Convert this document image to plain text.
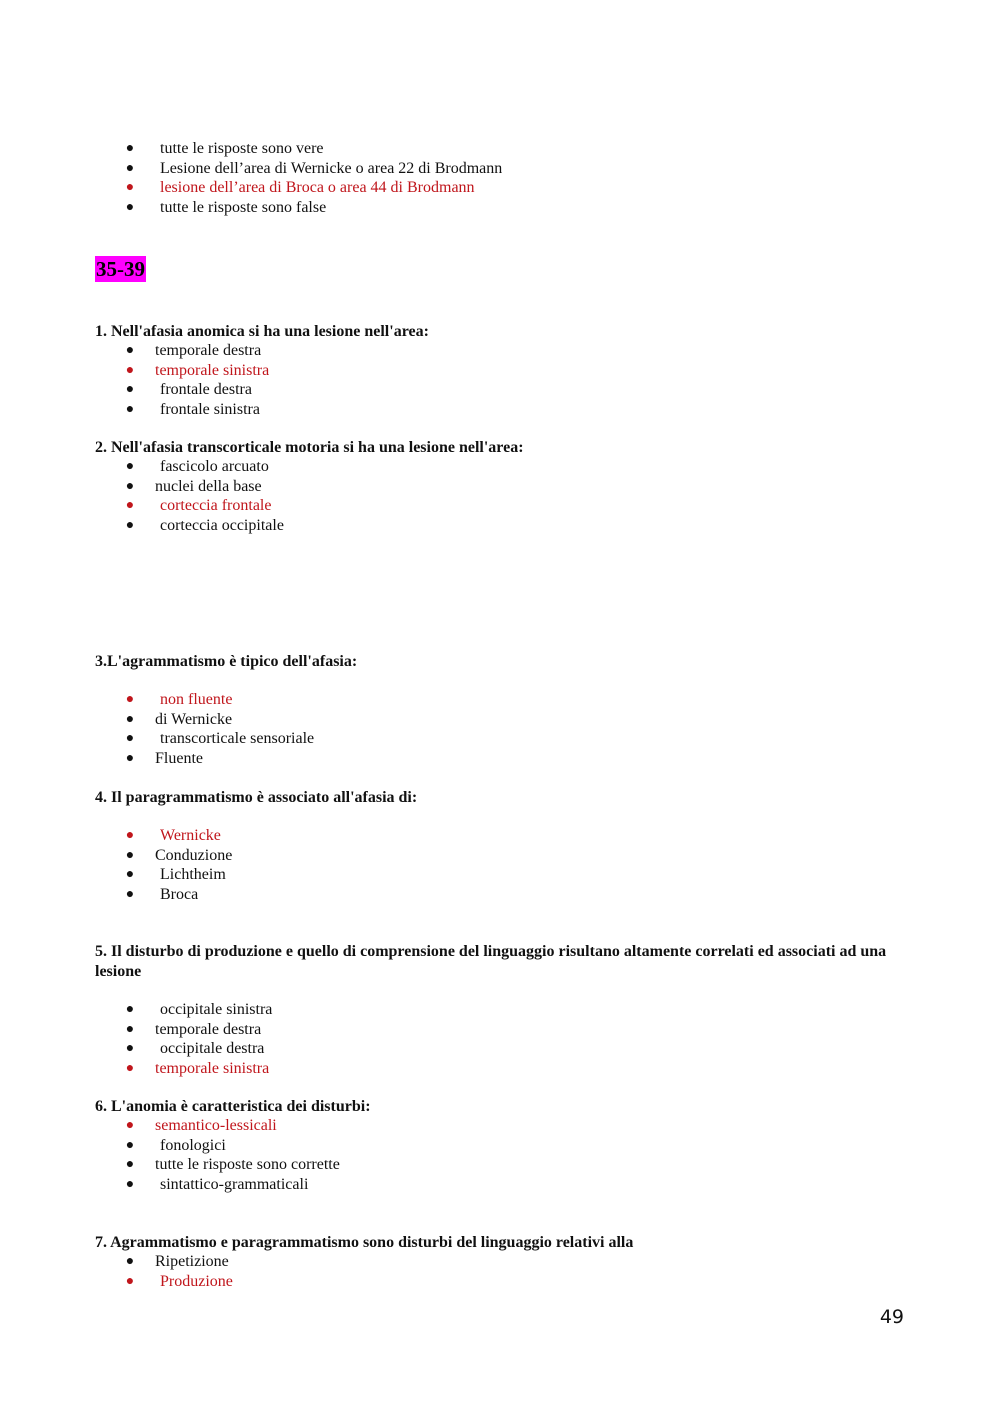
● tutte le risposte sono vere
● Lesione dell’area di Wernicke o area 22 di Brodmann
● lesione dell’area di Broca o area 44 di Brodmann
● tutte le risposte sono false
35-39

1. Nell'afasia anomica si ha una lesione nell'area:

● temporale destra
● temporale sinistra
● frontale destra
● frontale sinistra

2. Nell'afasia transcorticale motoria si ha una lesione nell'area:

● fascicolo arcuato
● nuclei della base
● corteccia frontale
● corteccia occipitale

3.L'agrammatismo è tipico dell'afasia:

● non fluente
● di Wernicke
● transcorticale sensoriale
● Fluente

4. Il paragrammatismo è associato all'afasia di:

● Wernicke
● Conduzione
● Lichtheim
● Broca

5. Il disturbo di produzione e quello di comprensione del linguaggio risultano altamente correlati ed associati ad una lesione

● occipitale sinistra
● temporale destra
● occipitale destra
● temporale sinistra

6. L'anomia è caratteristica dei disturbi:

● semantico-lessicali
● fonologici
● tutte le risposte sono corrette
● sintattico-grammaticali

7. Agrammatismo e paragrammatismo sono disturbi del linguaggio relativi alla

● Ripetizione
● Produzione
49
